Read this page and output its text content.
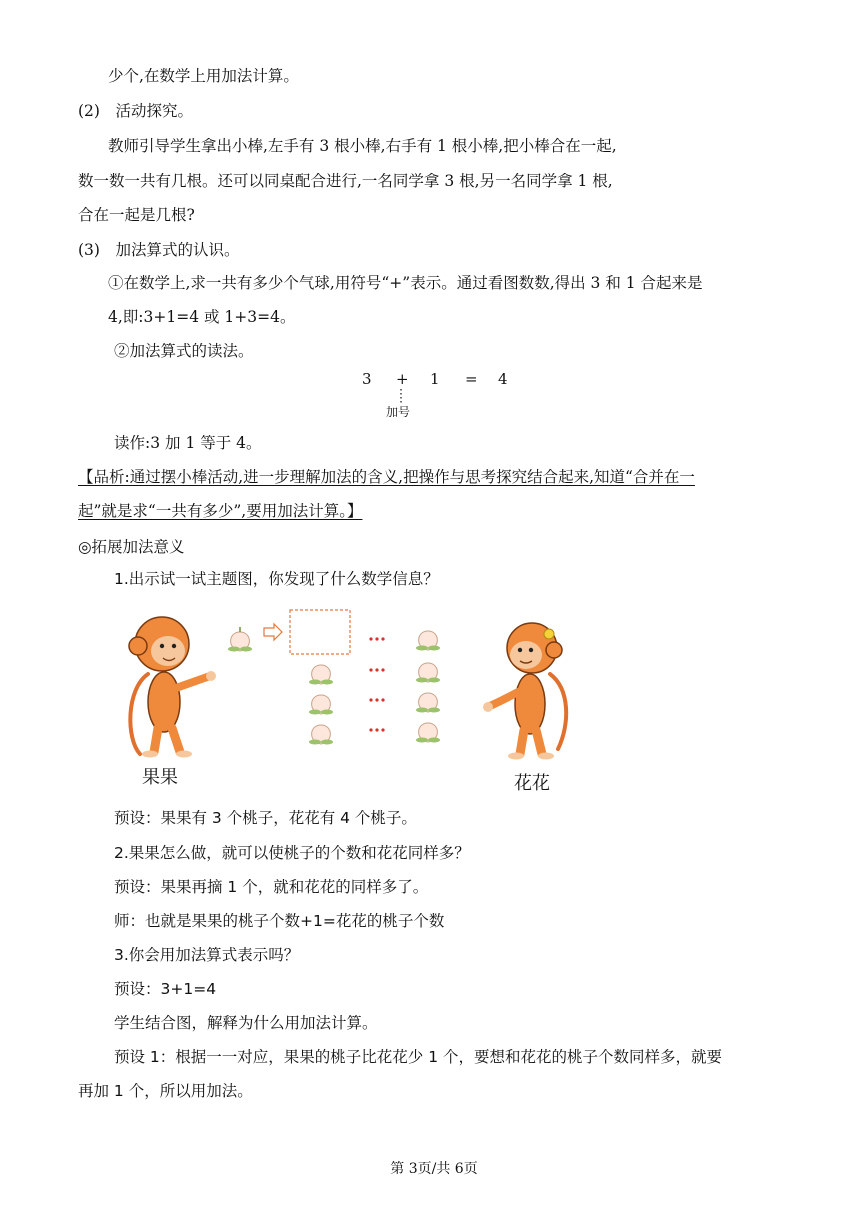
少个,在数学上用加法计算。
(2)　活动探究。
教师引导学生拿出小棒,左手有 3 根小棒,右手有 1 根小棒,把小棒合在一起,
数一数一共有几根。还可以同桌配合进行,一名同学拿 3 根,另一名同学拿 1 根,
合在一起是几根?
(3)　加法算式的认识。
①在数学上,求一共有多少个气球,用符号“+”表示。通过看图数数,得出 3 和 1 合起来是
4,即:3+1=4 或 1+3=4。
②加法算式的读法。
3 + 1 = 4
加号
读作:3 加 1 等于 4。
【品析:通过摆小棒活动,进一步理解加法的含义,把操作与思考探究结合起来,知道“合并在一
起”就是求“一共有多少”,要用加法计算。】
◎拓展加法意义
1.出示试一试主题图，你发现了什么数学信息？
果果	花花
预设：果果有 3 个桃子，花花有 4 个桃子。
2.果果怎么做，就可以使桃子的个数和花花同样多？
预设：果果再摘 1 个，就和花花的同样多了。
师：也就是果果的桃子个数+1=花花的桃子个数
3.你会用加法算式表示吗？
预设：3+1=4
学生结合图，解释为什么用加法计算。
预设 1：根据一一对应，果果的桃子比花花少 1 个，要想和花花的桃子个数同样多，就要
再加 1 个，所以用加法。
第 3页/共 6页
